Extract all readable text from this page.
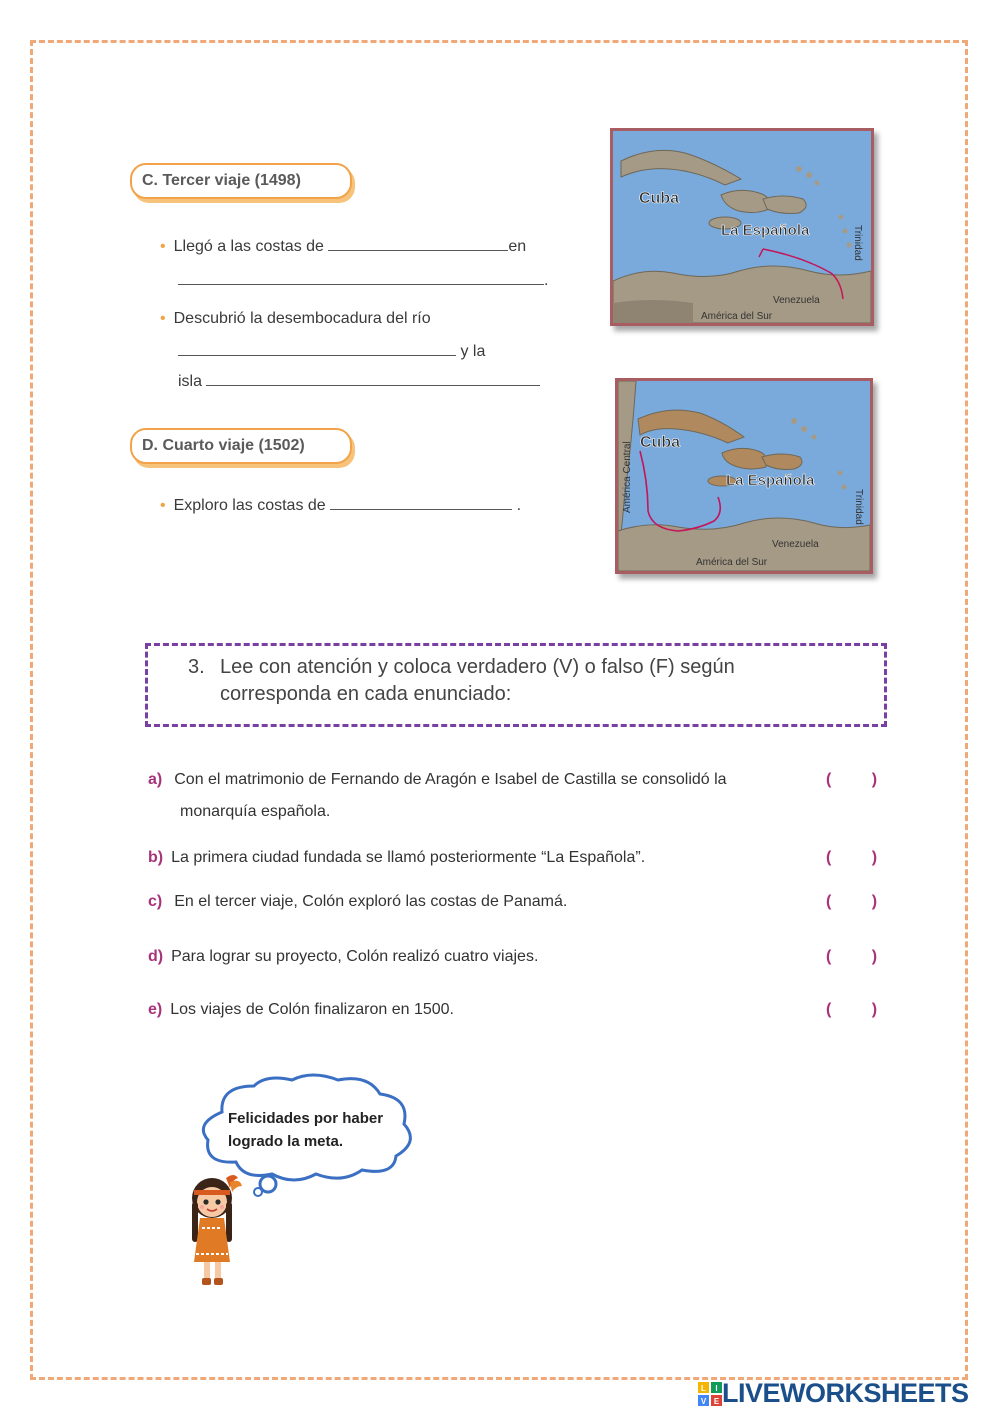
C. Tercer viaje (1498)
• Llegó a las costas de	en
.
• Descubrió la desembocadura del río
y la
isla
D. Cuarto viaje (1502)
• Exploro las costas de	.
Cuba
La Española	Trinidad
Venezuela
América del Sur
Cuba
La Española
Trinidad
América Central
Venezuela
América del Sur
3. Lee con atención y coloca verdadero (V) o falso (F) según
corresponda en cada enunciado:
a) Con el matrimonio de Fernando de Aragón e Isabel de Castilla se consolidó la
monarquía española.
( )
b) La primera ciudad fundada se llamó posteriormente “La Española”.	( )
c) En el tercer viaje, Colón exploró las costas de Panamá.	( )
d) Para lograr su proyecto, Colón realizó cuatro viajes.	( )
e) Los viajes de Colón finalizaron en 1500.	( )
Felicidades por haber
logrado la meta.
L I
V E LIVEWORKSHEETS
